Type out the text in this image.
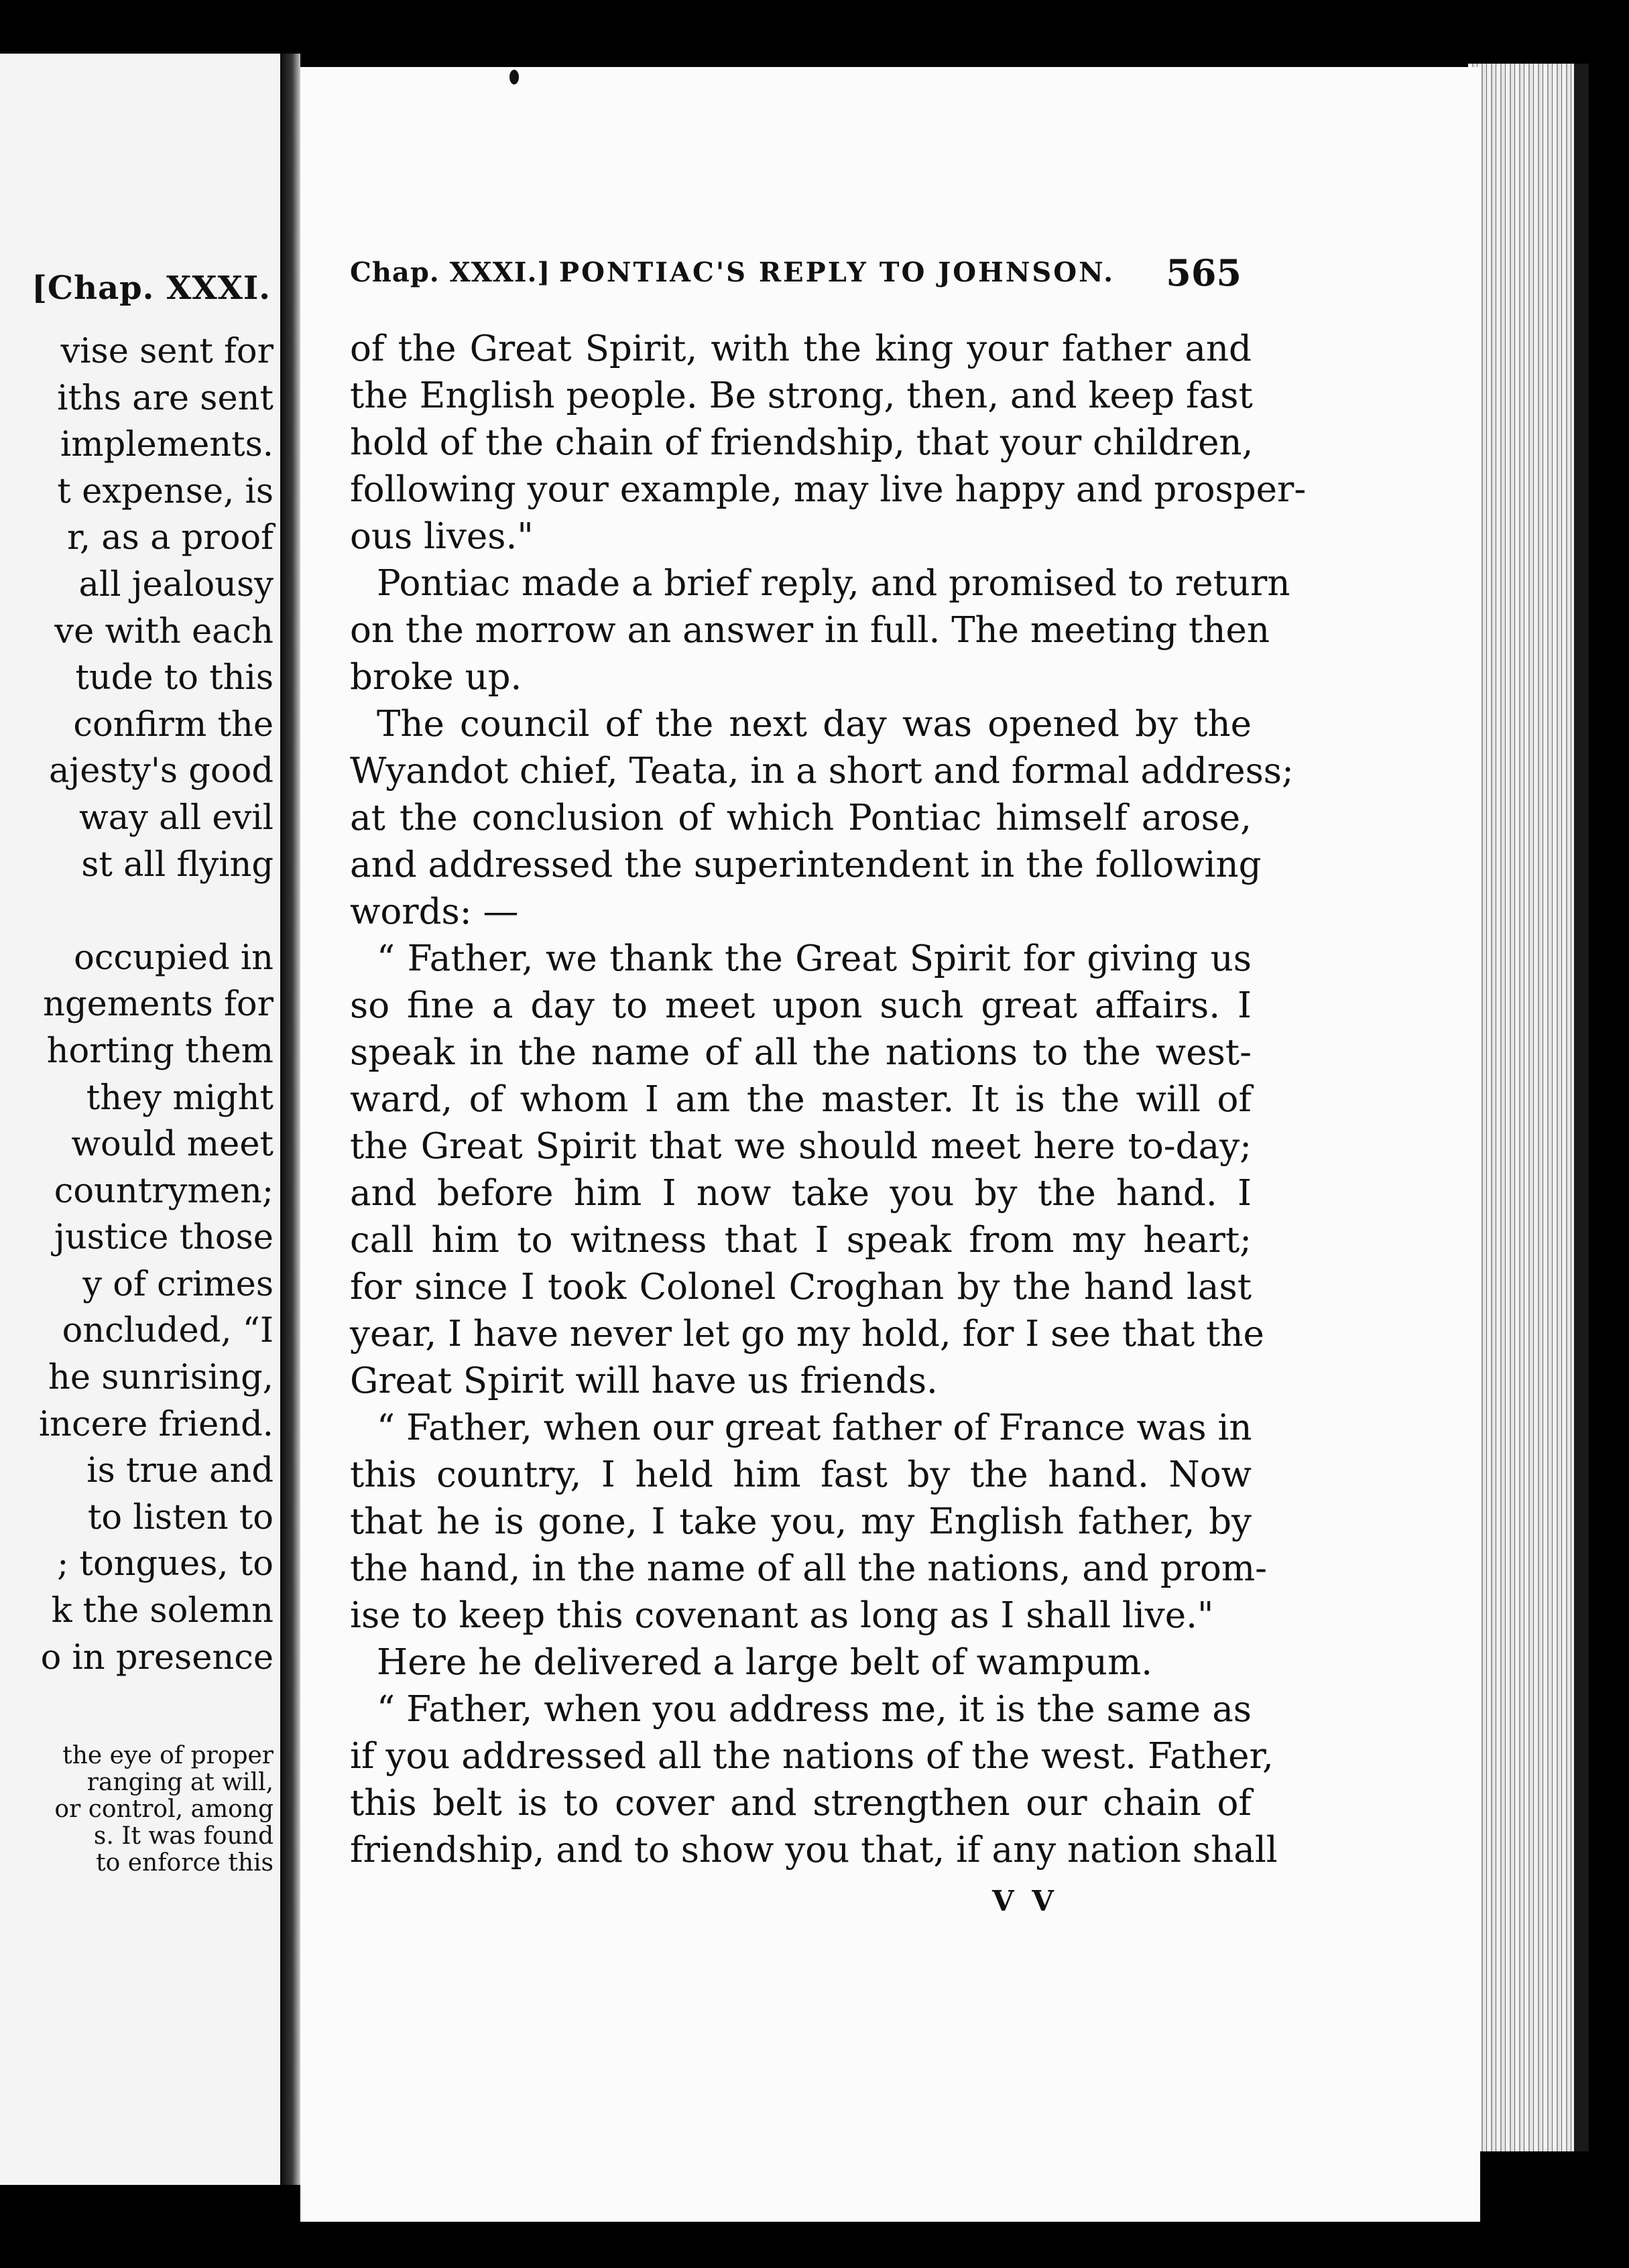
[Chap. XXXI.
vise sent for
iths are sent
implements.
t expense, is
r, as a proof
all jealousy
ve with each
tude to this
confirm the
ajesty's good
way all evil
st all flying

occupied in
ngements for
horting them
they might
would meet
countrymen;
justice those
y of crimes
oncluded, “I
he sunrising,
incere friend.
is true and
to listen to
; tongues, to
k the solemn
o in presence
the eye of proper
ranging at will,
or control, among
s. It was found
to enforce this
Chap. XXXI.] PONTIAC'S REPLY TO JOHNSON. 565
of the Great Spirit, with the king your father and
the English people. Be strong, then, and keep fast
hold of the chain of friendship, that your children,
following your example, may live happy and prosper-
ous lives."
Pontiac made a brief reply, and promised to return
on the morrow an answer in full. The meeting then
broke up.
The council of the next day was opened by the
Wyandot chief, Teata, in a short and formal address;
at the conclusion of which Pontiac himself arose,
and addressed the superintendent in the following
words: —
“ Father, we thank the Great Spirit for giving us
so fine a day to meet upon such great affairs. I
speak in the name of all the nations to the west-
ward, of whom I am the master. It is the will of
the Great Spirit that we should meet here to-day;
and before him I now take you by the hand. I
call him to witness that I speak from my heart;
for since I took Colonel Croghan by the hand last
year, I have never let go my hold, for I see that the
Great Spirit will have us friends.
“ Father, when our great father of France was in
this country, I held him fast by the hand. Now
that he is gone, I take you, my English father, by
the hand, in the name of all the nations, and prom-
ise to keep this covenant as long as I shall live."
Here he delivered a large belt of wampum.
“ Father, when you address me, it is the same as
if you addressed all the nations of the west. Father,
this belt is to cover and strengthen our chain of
friendship, and to show you that, if any nation shall
V V
